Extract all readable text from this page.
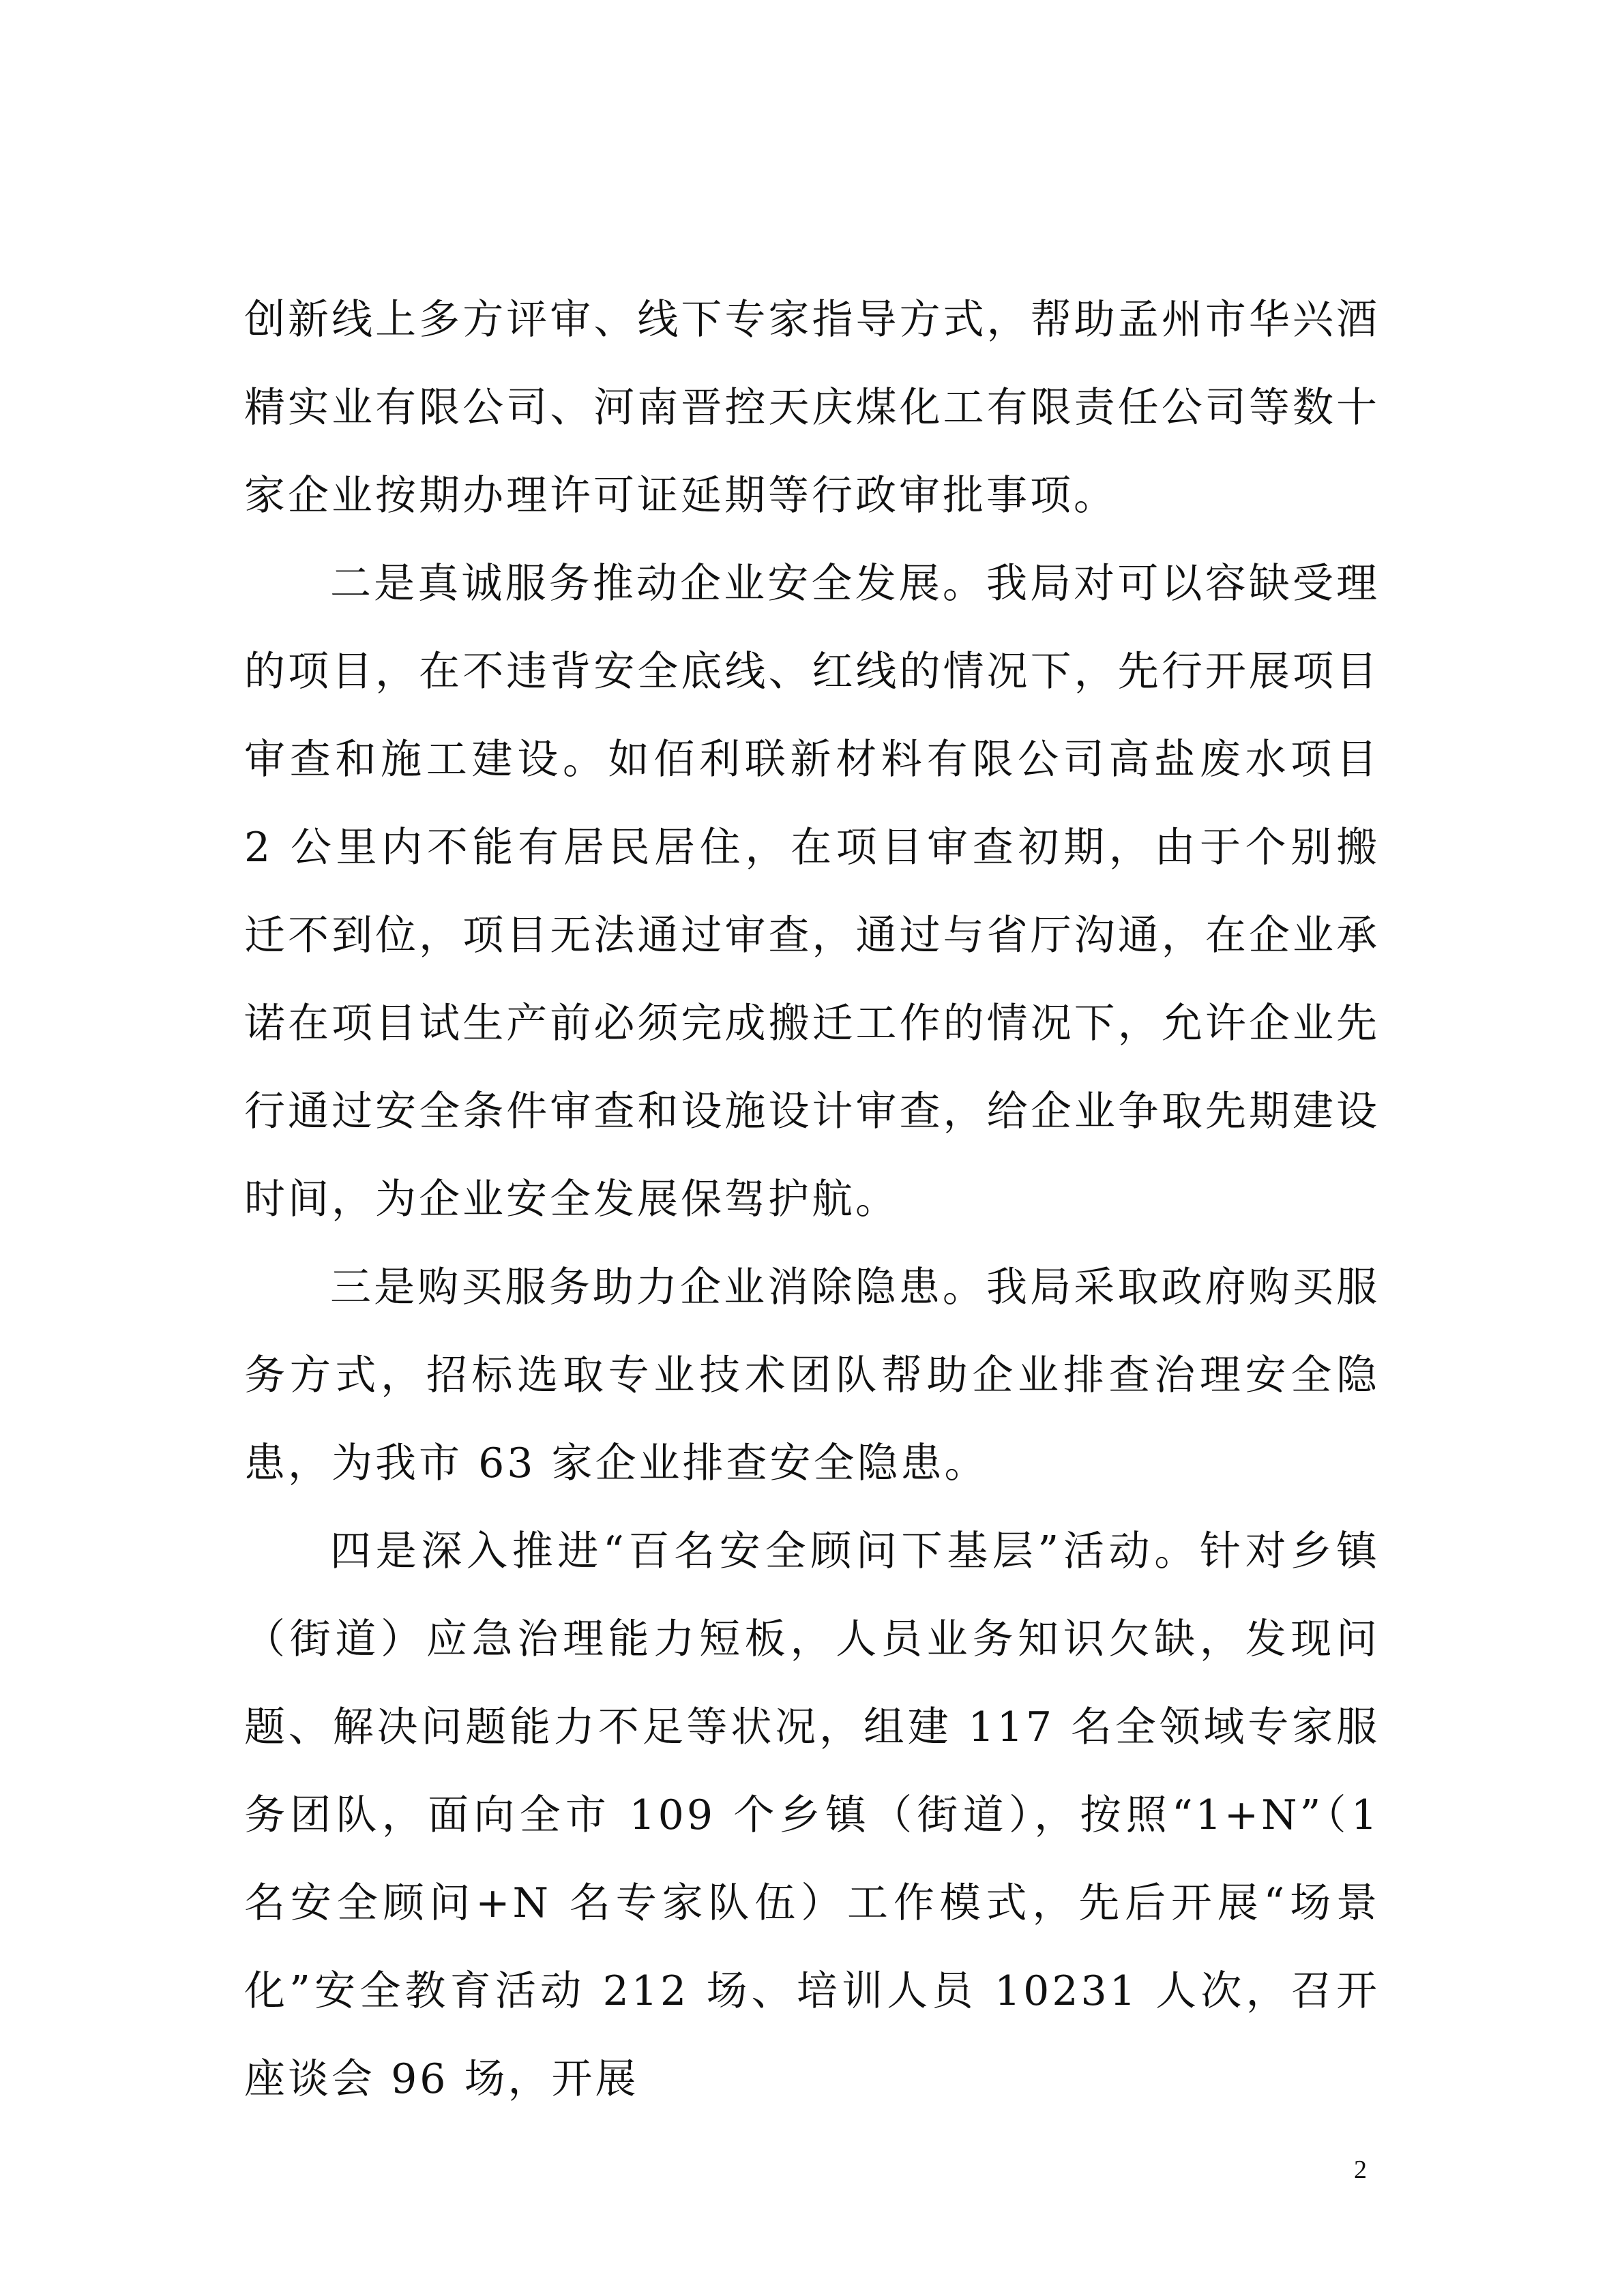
创新线上多方评审、线下专家指导方式，帮助孟州市华兴酒精实业有限公司、河南晋控天庆煤化工有限责任公司等数十家企业按期办理许可证延期等行政审批事项。

二是真诚服务推动企业安全发展。我局对可以容缺受理的项目，在不违背安全底线、红线的情况下，先行开展项目审查和施工建设。如佰利联新材料有限公司高盐废水项目 2 公里内不能有居民居住，在项目审查初期，由于个别搬迁不到位，项目无法通过审查，通过与省厅沟通，在企业承诺在项目试生产前必须完成搬迁工作的情况下，允许企业先行通过安全条件审查和设施设计审查，给企业争取先期建设时间，为企业安全发展保驾护航。

三是购买服务助力企业消除隐患。我局采取政府购买服务方式，招标选取专业技术团队帮助企业排查治理安全隐患，为我市 63 家企业排查安全隐患。

四是深入推进“百名安全顾问下基层”活动。针对乡镇（街道）应急治理能力短板，人员业务知识欠缺，发现问题、解决问题能力不足等状况，组建 117 名全领域专家服务团队，面向全市 109 个乡镇（街道），按照“1+N”（1 名安全顾问+N 名专家队伍）工作模式，先后开展“场景化”安全教育活动 212 场、培训人员 10231 人次，召开座谈会 96 场，开展

2
